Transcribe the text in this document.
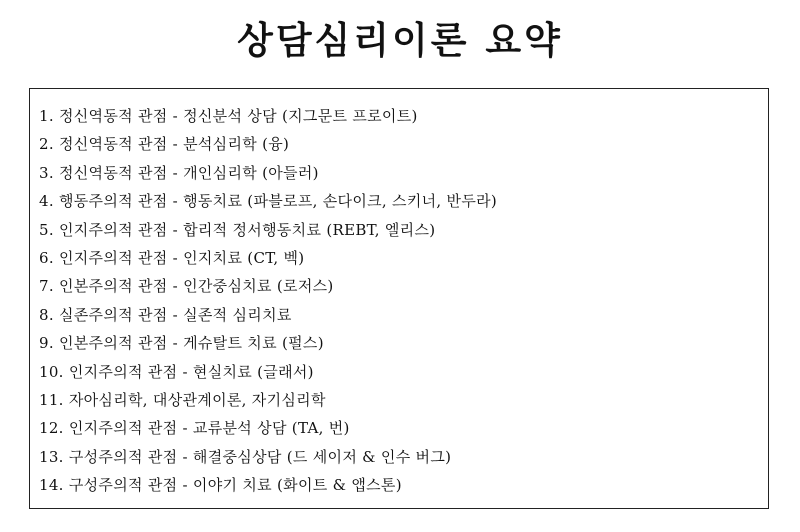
상담심리이론 요약
1. 정신역동적 관점 - 정신분석 상담 (지그문트 프로이트)
2. 정신역동적 관점 - 분석심리학 (융)
3. 정신역동적 관점 - 개인심리학 (아들러)
4. 행동주의적 관점 - 행동치료 (파블로프, 손다이크, 스키너, 반두라)
5. 인지주의적 관점 - 합리적 정서행동치료 (REBT, 엘리스)
6. 인지주의적 관점 - 인지치료 (CT, 벡)
7. 인본주의적 관점 - 인간중심치료 (로저스)
8. 실존주의적 관점 - 실존적 심리치료
9. 인본주의적 관점 - 게슈탈트 치료 (펄스)
10. 인지주의적 관점 - 현실치료 (글래서)
11. 자아심리학, 대상관계이론, 자기심리학
12. 인지주의적 관점 - 교류분석 상담 (TA, 번)
13. 구성주의적 관점 - 해결중심상담 (드 세이저 & 인수 버그)
14. 구성주의적 관점 - 이야기 치료 (화이트 & 앱스톤)
